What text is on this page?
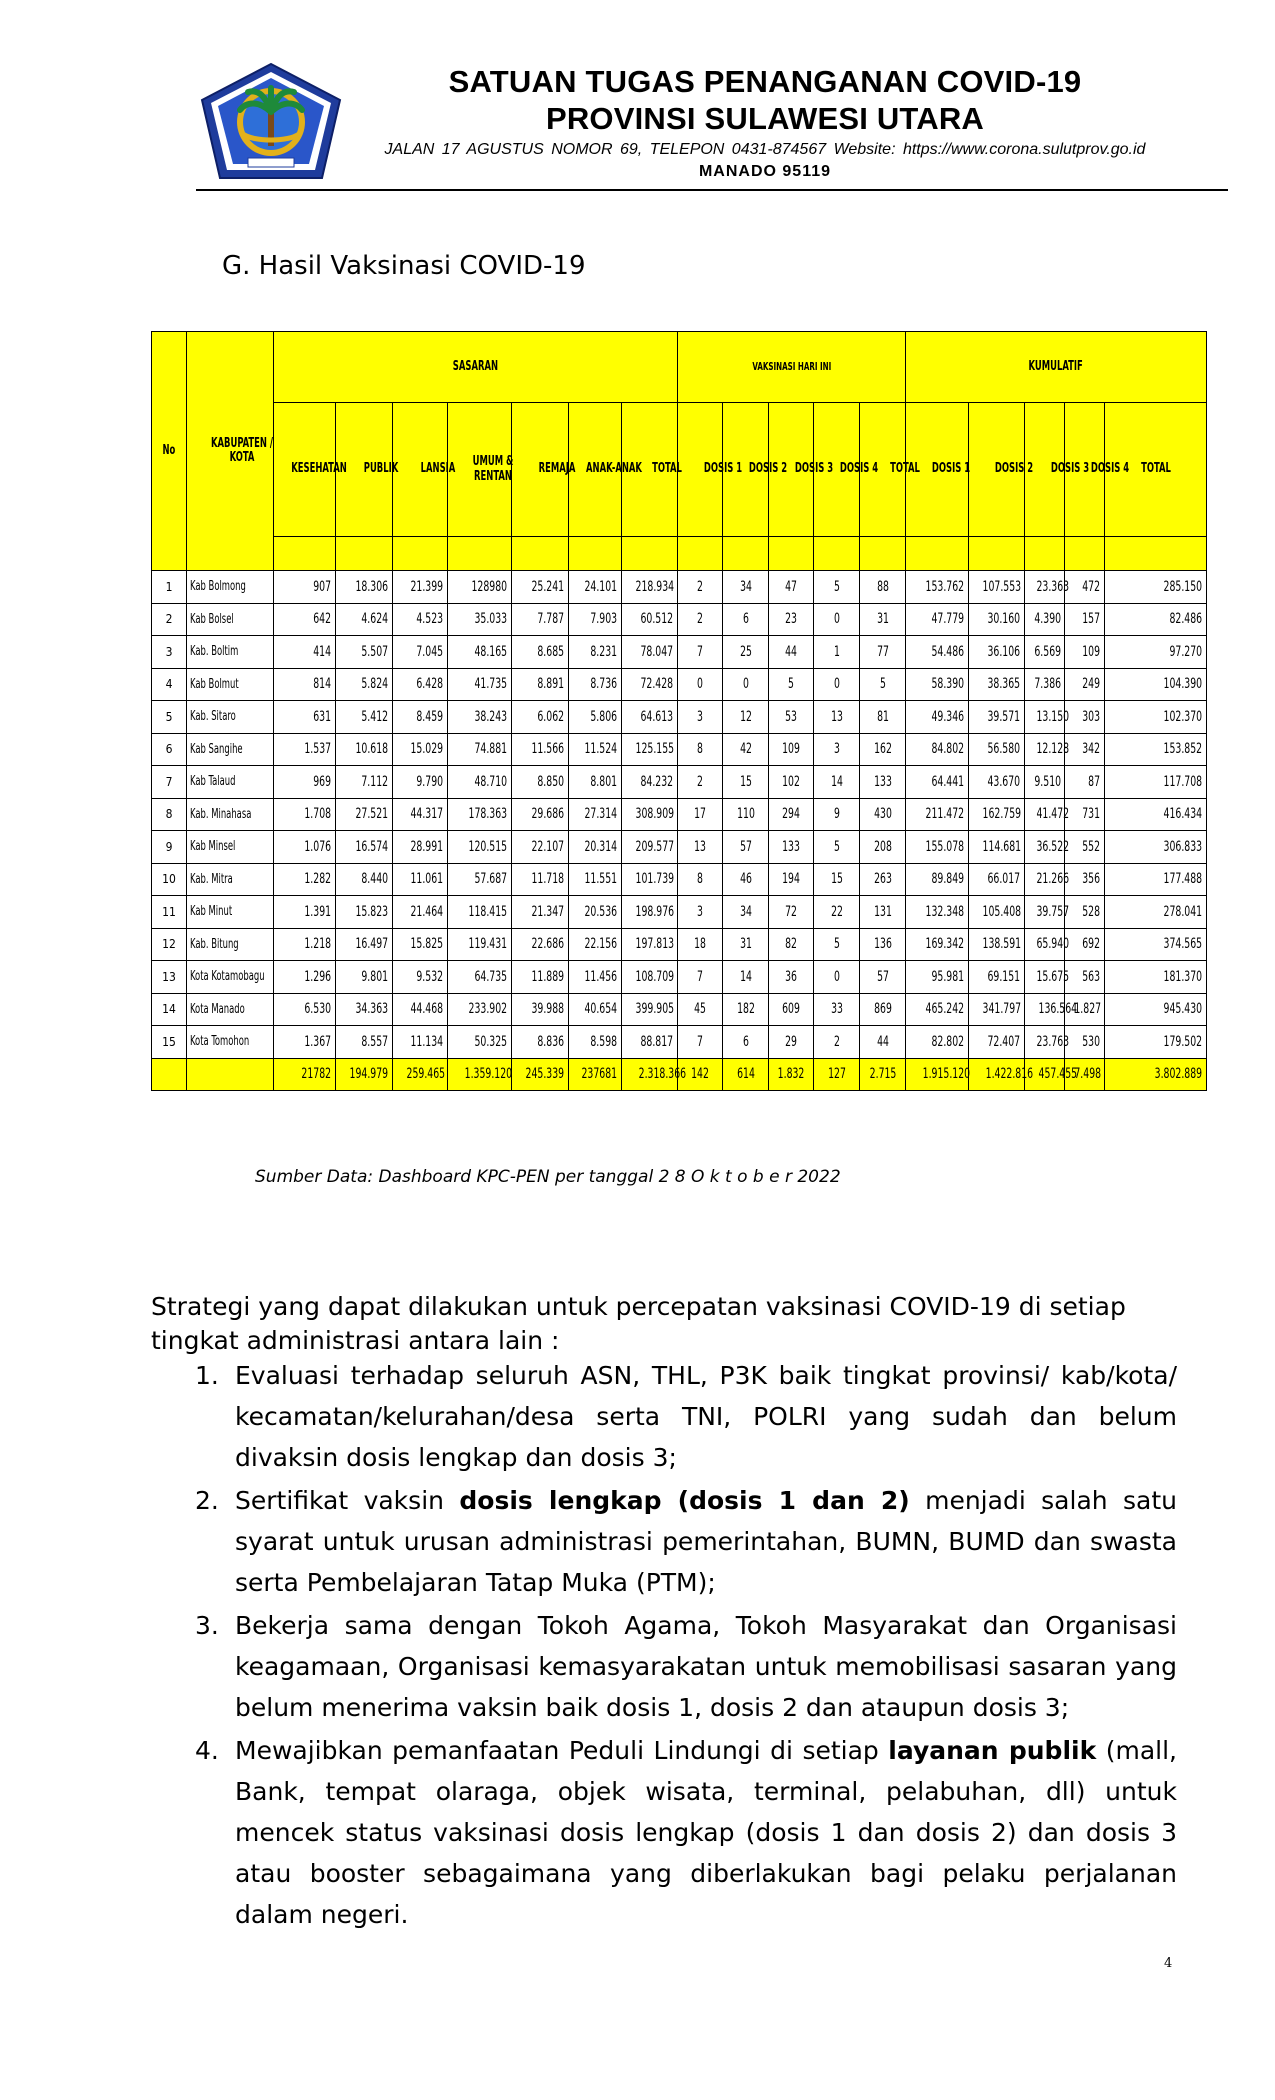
SATUAN TUGAS PENANGANAN COVID-19
PROVINSI SULAWESI UTARA
JALAN 17 AGUSTUS NOMOR 69, TELEPON 0431-874567 Website: https://www.corona.sulutprov.go.id
MANADO 95119
G. Hasil Vaksinasi COVID-19
No	KABUPATEN / KOTA	SASARAN							VAKSINASI HARI INI					KUMULATIF				
		KESEHATAN	PUBLIK	LANSIA	UMUM & RENTAN	REMAJA	ANAK-ANAK	TOTAL	DOSIS 1	DOSIS 2	DOSIS 3	DOSIS 4	TOTAL	DOSIS 1	DOSIS 2	DOSIS 3	DOSIS 4	TOTAL

1	Kab Bolmong	907	18.306	21.399	128980	25.241	24.101	218.934	2	34	47	5	88	153.762	107.553	23.363	472	285.150
2	Kab Bolsel	642	4.624	4.523	35.033	7.787	7.903	60.512	2	6	23	0	31	47.779	30.160	4.390	157	82.486
3	Kab. Boltim	414	5.507	7.045	48.165	8.685	8.231	78.047	7	25	44	1	77	54.486	36.106	6.569	109	97.270
4	Kab Bolmut	814	5.824	6.428	41.735	8.891	8.736	72.428	0	0	5	0	5	58.390	38.365	7.386	249	104.390
5	Kab. Sitaro	631	5.412	8.459	38.243	6.062	5.806	64.613	3	12	53	13	81	49.346	39.571	13.150	303	102.370
6	Kab Sangihe	1.537	10.618	15.029	74.881	11.566	11.524	125.155	8	42	109	3	162	84.802	56.580	12.128	342	153.852
7	Kab Talaud	969	7.112	9.790	48.710	8.850	8.801	84.232	2	15	102	14	133	64.441	43.670	9.510	87	117.708
8	Kab. Minahasa	1.708	27.521	44.317	178.363	29.686	27.314	308.909	17	110	294	9	430	211.472	162.759	41.472	731	416.434
9	Kab Minsel	1.076	16.574	28.991	120.515	22.107	20.314	209.577	13	57	133	5	208	155.078	114.681	36.522	552	306.833
10	Kab. Mitra	1.282	8.440	11.061	57.687	11.718	11.551	101.739	8	46	194	15	263	89.849	66.017	21.266	356	177.488
11	Kab Minut	1.391	15.823	21.464	118.415	21.347	20.536	198.976	3	34	72	22	131	132.348	105.408	39.757	528	278.041
12	Kab. Bitung	1.218	16.497	15.825	119.431	22.686	22.156	197.813	18	31	82	5	136	169.342	138.591	65.940	692	374.565
13	Kota Kotamobagu	1.296	9.801	9.532	64.735	11.889	11.456	108.709	7	14	36	0	57	95.981	69.151	15.675	563	181.370
14	Kota Manado	6.530	34.363	44.468	233.902	39.988	40.654	399.905	45	182	609	33	869	465.242	341.797	136.564	1.827	945.430
15	Kota Tomohon	1.367	8.557	11.134	50.325	8.836	8.598	88.817	7	6	29	2	44	82.802	72.407	23.763	530	179.502
		21782	194.979	259.465	1.359.120	245.339	237681	2.318.366	142	614	1.832	127	2.715	1.915.120	1.422.816	457.455	7.498	3.802.889
Sumber Data: Dashboard KPC-PEN per tanggal 2 8 O k t o b e r 2022
Strategi yang dapat dilakukan untuk percepatan vaksinasi COVID-19 di setiap tingkat administrasi antara lain :
1. Evaluasi terhadap seluruh ASN, THL, P3K baik tingkat provinsi/ kab/kota/ kecamatan/kelurahan/desa serta TNI, POLRI yang sudah dan belum divaksin dosis lengkap dan dosis 3;
2. Sertifikat vaksin dosis lengkap (dosis 1 dan 2) menjadi salah satu syarat untuk urusan administrasi pemerintahan, BUMN, BUMD dan swasta serta Pembelajaran Tatap Muka (PTM);
3. Bekerja sama dengan Tokoh Agama, Tokoh Masyarakat dan Organisasi keagamaan, Organisasi kemasyarakatan untuk memobilisasi sasaran yang belum menerima vaksin baik dosis 1, dosis 2 dan ataupun dosis 3;
4. Mewajibkan pemanfaatan Peduli Lindungi di setiap layanan publik (mall, Bank, tempat olaraga, objek wisata, terminal, pelabuhan, dll) untuk mencek status vaksinasi dosis lengkap (dosis 1 dan dosis 2) dan dosis 3 atau booster sebagaimana yang diberlakukan bagi pelaku perjalanan dalam negeri.
4
